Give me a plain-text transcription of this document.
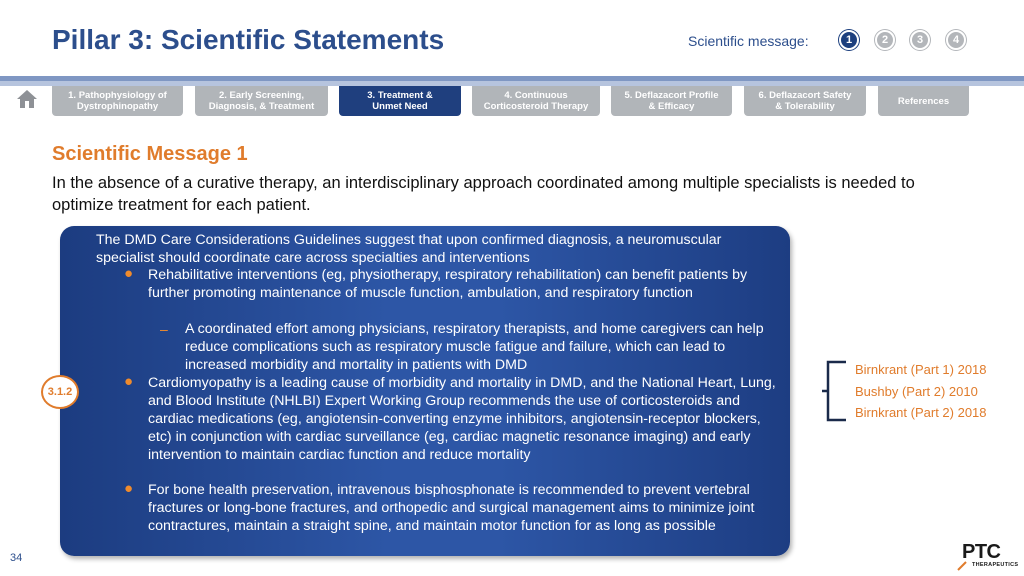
Pillar 3: Scientific Statements	Scientific message:	1	2	3	4
1. Pathophysiology of
Dystrophinopathy
2. Early Screening,
Diagnosis, & Treatment
3. Treatment &
Unmet Need
4. Continuous
Corticosteroid Therapy
5. Deflazacort Profile
& Efficacy
6. Deflazacort Safety
& Tolerability	References
Scientific Message 1
In the absence of a curative therapy, an interdisciplinary approach coordinated among multiple specialists is needed to optimize treatment for each patient.
The DMD Care Considerations Guidelines suggest that upon confirmed diagnosis, a neuromuscular specialist should coordinate care across specialties and interventions
● Rehabilitative interventions (eg, physiotherapy, respiratory rehabilitation) can benefit patients by further promoting maintenance of muscle function, ambulation, and respiratory function
– A coordinated effort among physicians, respiratory therapists, and home caregivers can help reduce complications such as respiratory muscle fatigue and failure, which can lead to increased morbidity and mortality in patients with DMD
● Cardiomyopathy is a leading cause of morbidity and mortality in DMD, and the National Heart, Lung, and Blood Institute (NHLBI) Expert Working Group recommends the use of corticosteroids and cardiac medications (eg, angiotensin-converting enzyme inhibitors, angiotensin-receptor blockers, etc) in conjunction with cardiac surveillance (eg, cardiac magnetic resonance imaging) and early intervention to maintain cardiac function and reduce mortality
● For bone health preservation, intravenous bisphosphonate is recommended to prevent vertebral fractures or long-bone fractures, and orthopedic and surgical management aims to minimize joint contractures, maintain a straight spine, and maintain motor function for as long as possible
3.1.2
Birnkrant (Part 1) 2018
Bushby (Part 2) 2010
Birnkrant (Part 2) 2018
34	PTC
THERAPEUTICS
